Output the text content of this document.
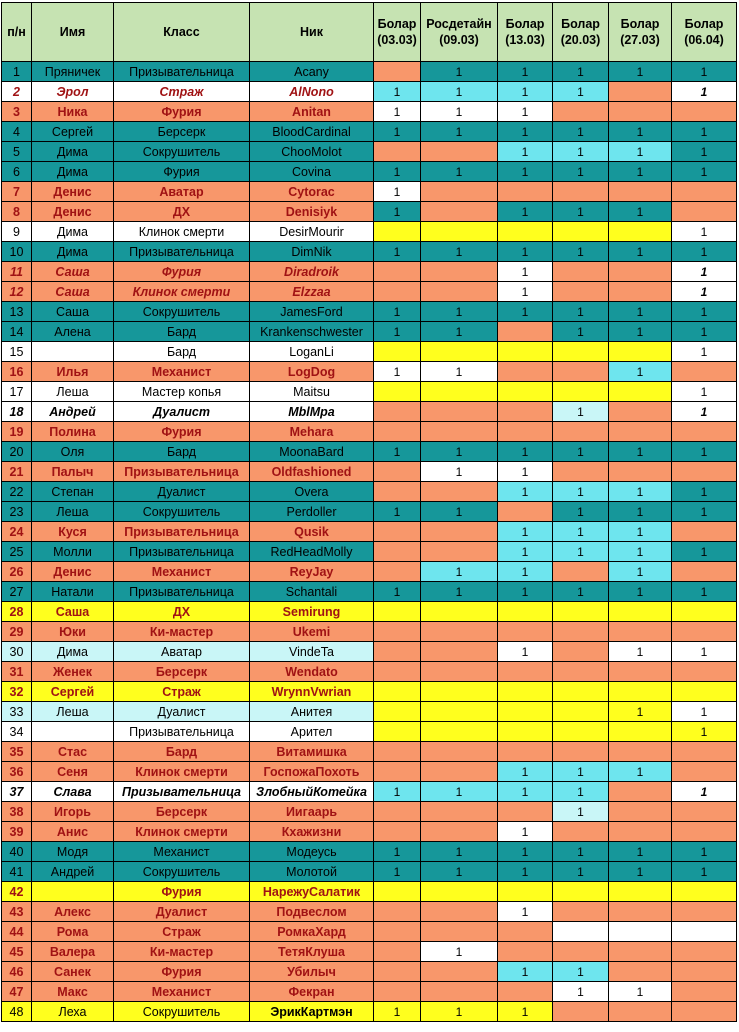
п/н	Имя	Класс	Ник	Болар (03.03)	Росдетайн (09.03)	Болар (13.03)	Болар (20.03)	Болар (27.03)	Болар (06.04)
1	Пряничек	Призывательница	Acany		1	1	1	1	1
2	Эрол	Страж	AlNono	1	1	1	1		1
3	Ника	Фурия	Anitan	1	1	1			
4	Сергей	Берсерк	BloodCardinal	1	1	1	1	1	1
5	Дима	Сокрушитель	ChooMolot			1	1	1	1
6	Дима	Фурия	Covina	1	1	1	1	1	1
7	Денис	Аватар	Cytorac	1					
8	Денис	ДХ	Denisiyk	1		1	1	1	
9	Дима	Клинок смерти	DesirMourir						1
10	Дима	Призывательница	DimNik	1	1	1	1	1	1
11	Саша	Фурия	Diradroik			1			1
12	Саша	Клинок смерти	Elzzaa			1			1
13	Саша	Сокрушитель	JamesFord	1	1	1	1	1	1
14	Алена	Бард	Krankenschwester	1	1		1	1	1
15		Бард	LoganLi						1
16	Илья	Механист	LogDog	1	1			1	
17	Леша	Мастер копья	Maitsu						1
18	Андрей	Дуалист	MblMpa				1		1
19	Полина	Фурия	Mehara						
20	Оля	Бард	MoonaBard	1	1	1	1	1	1
21	Палыч	Призывательница	Oldfashioned		1	1			
22	Степан	Дуалист	Overa			1	1	1	1
23	Леша	Сокрушитель	Perdoller	1	1		1	1	1
24	Куся	Призывательница	Qusik			1	1	1	
25	Молли	Призывательница	RedHeadMolly			1	1	1	1
26	Денис	Механист	ReyJay		1	1		1	
27	Натали	Призывательница	Schantali	1	1	1	1	1	1
28	Саша	ДХ	Semirung						
29	Юки	Ки-мастер	Ukemi						
30	Дима	Аватар	VindeTa			1		1	1
31	Женек	Берсерк	Wendato						
32	Сергей	Страж	WrynnVwrian						
33	Леша	Дуалист	Анитея					1	1
34		Призывательница	Арител						1
35	Стас	Бард	Витамишка						
36	Сеня	Клинок смерти	ГоспожаПохоть			1	1	1	
37	Слава	Призывательница	ЗлобныйКотейка	1	1	1	1		1
38	Игорь	Берсерк	Иигаарь				1		
39	Анис	Клинок смерти	Кхажизни			1			
40	Модя	Механист	Модеусь	1	1	1	1	1	1
41	Андрей	Сокрушитель	Молотой	1	1	1	1	1	1
42		Фурия	НарежуСалатик						
43	Алекс	Дуалист	Подвеслом			1			
44	Рома	Страж	РомкаХард						
45	Валера	Ки-мастер	ТетяКлуша		1				
46	Санек	Фурия	Убилыч			1	1		
47	Макс	Механист	Фекран				1	1	
48	Леха	Сокрушитель	ЭрикКартмэн	1	1	1			
